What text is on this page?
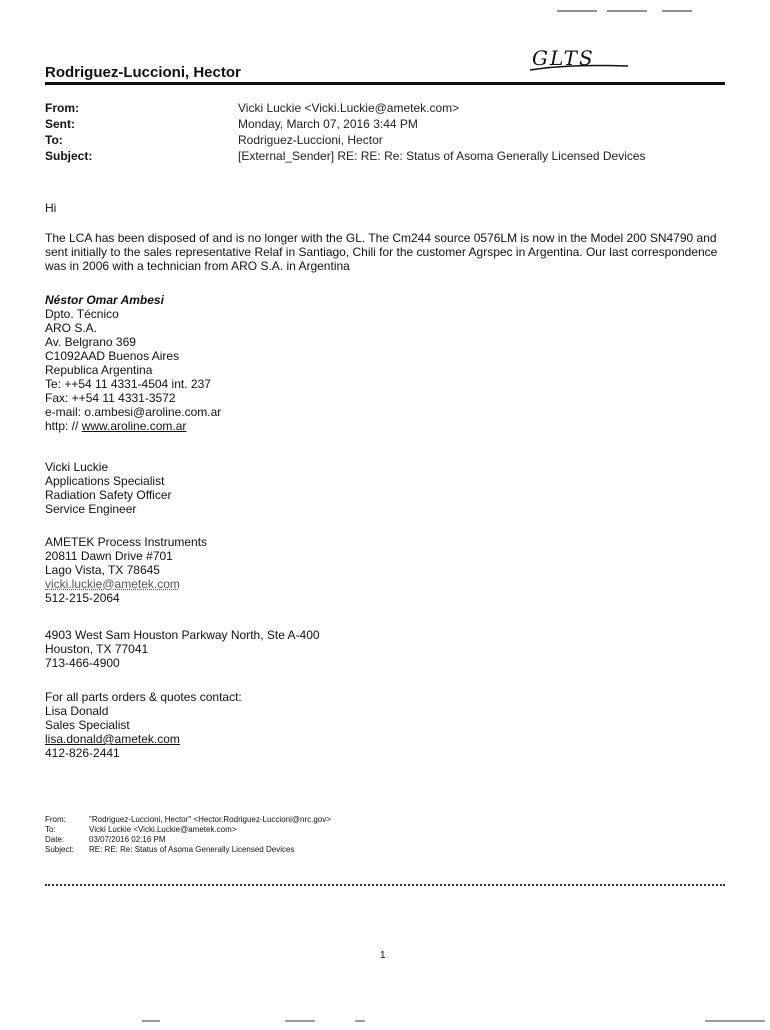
Rodriguez-Luccioni, Hector
GLTS
From:	Vicki Luckie <Vicki.Luckie@ametek.com>
Sent:	Monday, March 07, 2016 3:44 PM
To:	Rodriguez-Luccioni, Hector
Subject:	[External_Sender] RE: RE: Re: Status of Asoma Generally Licensed Devices
Hi
The LCA has been disposed of and is no longer with the GL. The Cm244 source 0576LM is now in the Model 200 SN4790 and sent initially to the sales representative Relaf in Santiago, Chili for the customer Agrspec in Argentina. Our last correspondence was in 2006 with a technician from ARO S.A. in Argentina
Néstor Omar Ambesi
Dpto. Técnico
ARO S.A.
Av. Belgrano 369
C1092AAD Buenos Aires
Republica Argentina
Te: ++54 11 4331-4504 int. 237
Fax: ++54 11 4331-3572
e-mail: o.ambesi@aroline.com.ar
http: // www.aroline.com.ar
Vicki Luckie
Applications Specialist
Radiation Safety Officer
Service Engineer
AMETEK Process Instruments
20811 Dawn Drive #701
Lago Vista, TX 78645
vicki.luckie@ametek.com
512-215-2064
4903 West Sam Houston Parkway North, Ste A-400
Houston, TX 77041
713-466-4900
For all parts orders & quotes contact:
Lisa Donald
Sales Specialist
lisa.donald@ametek.com
412-826-2441
From:	"Rodriguez-Luccioni, Hector" <Hector.Rodriguez-Luccioni@nrc.gov>
To:	Vicki Luckie <Vicki.Luckie@ametek.com>
Date:	03/07/2016 02:16 PM
Subject:	RE: RE: Re: Status of Asoma Generally Licensed Devices
1
